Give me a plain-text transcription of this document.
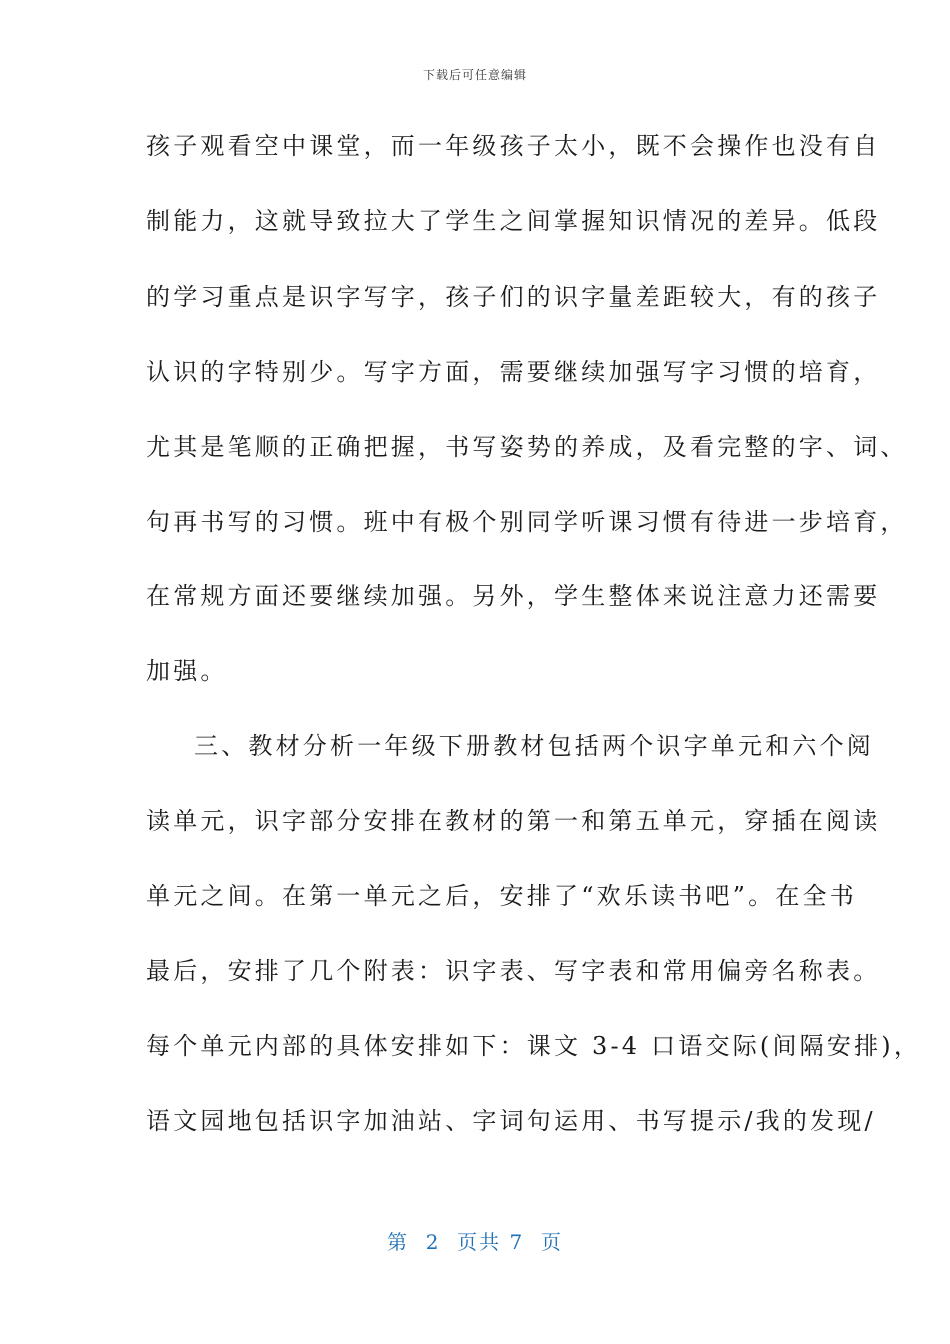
下载后可任意编辑
孩子观看空中课堂，而一年级孩子太小，既不会操作也没有自
制能力，这就导致拉大了学生之间掌握知识情况的差异。低段
的学习重点是识字写字，孩子们的识字量差距较大，有的孩子
认识的字特别少。写字方面，需要继续加强写字习惯的培育，
尤其是笔顺的正确把握，书写姿势的养成，及看完整的字、词、
句再书写的习惯。班中有极个别同学听课习惯有待进一步培育，
在常规方面还要继续加强。另外，学生整体来说注意力还需要
加强。
三、教材分析一年级下册教材包括两个识字单元和六个阅
读单元，识字部分安排在教材的第一和第五单元，穿插在阅读
单元之间。在第一单元之后，安排了“欢乐读书吧”。在全书
最后，安排了几个附表：识字表、写字表和常用偏旁名称表。
每个单元内部的具体安排如下：课文 3-4 口语交际(间隔安排)，
语文园地包括识字加油站、字词句运用、书写提示/我的发现/
第 2 页共 7 页
